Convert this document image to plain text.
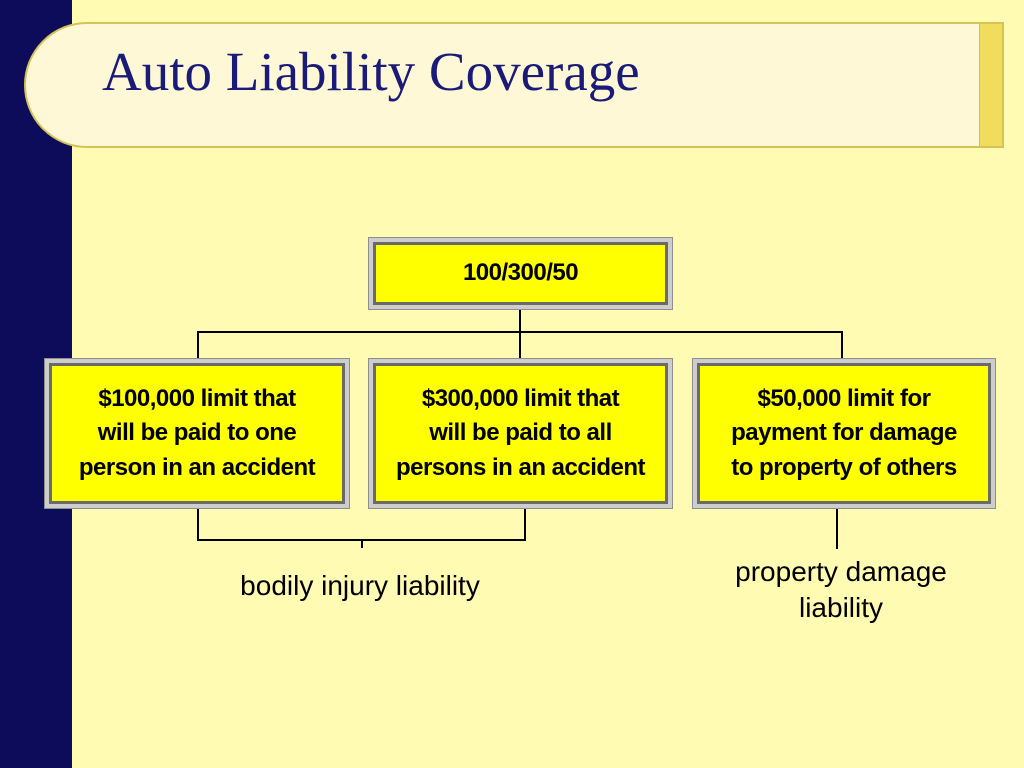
Auto Liability Coverage
100/300/50
$100,000 limit that
will be paid to one
person in an accident
$300,000 limit that
will be paid to all
persons in an accident
$50,000 limit for
payment for damage
to property of others
bodily injury liability	property damage
liability
